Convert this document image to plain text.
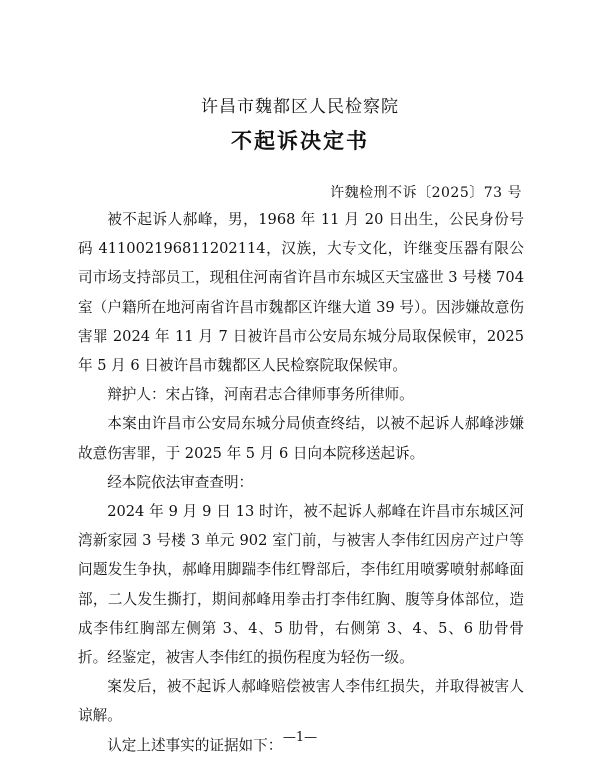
许昌市魏都区人民检察院
不起诉决定书
许魏检刑不诉〔2025〕73 号

被不起诉人郝峰，男，1968 年 11 月 20 日出生，公民身份号码 411002196811202114，汉族，大专文化，许继变压器有限公司市场支持部员工，现租住河南省许昌市东城区天宝盛世 3 号楼 704 室（户籍所在地河南省许昌市魏都区许继大道 39 号）。因涉嫌故意伤害罪 2024 年 11 月 7 日被许昌市公安局东城分局取保候审，2025 年 5 月 6 日被许昌市魏都区人民检察院取保候审。

辩护人：宋占锋，河南君志合律师事务所律师。

本案由许昌市公安局东城分局侦查终结，以被不起诉人郝峰涉嫌故意伤害罪，于 2025 年 5 月 6 日向本院移送起诉。

经本院依法审查查明：

2024 年 9 月 9 日 13 时许，被不起诉人郝峰在许昌市东城区河湾新家园 3 号楼 3 单元 902 室门前，与被害人李伟红因房产过户等问题发生争执，郝峰用脚踹李伟红臀部后，李伟红用喷雾喷射郝峰面部，二人发生撕打，期间郝峰用拳击打李伟红胸、腹等身体部位，造成李伟红胸部左侧第 3、4、5 肋骨，右侧第 3、4、5、6 肋骨骨折。经鉴定，被害人李伟红的损伤程度为轻伤一级。

案发后，被不起诉人郝峰赔偿被害人李伟红损失，并取得被害人谅解。

认定上述事实的证据如下： —1—
